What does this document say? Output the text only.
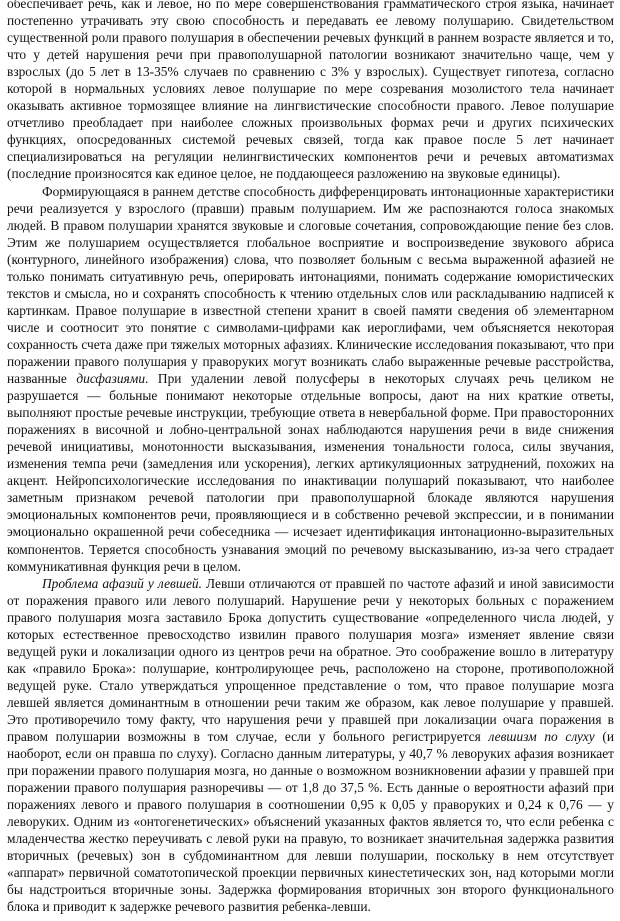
обеспечивает речь, как и левое, но по мере совершенствования грамматического строя языка, начинает постепенно утрачивать эту свою способность и передавать ее левому полушарию. Свидетельством существенной роли правого полушария в обеспечении речевых функций в раннем возрасте является и то, что у детей нарушения речи при правополушарной патологии возникают значительно чаще, чем у взрослых (до 5 лет в 13-35% случаев по сравнению с 3% у взрослых). Существует гипотеза, согласно которой в нормальных условиях левое полушарие по мере созревания мозолистого тела начинает оказывать активное тормозящее влияние на лингвистические способности правого. Левое полушарие отчетливо преобладает при наиболее сложных произвольных формах речи и других психических функциях, опосредованных системой речевых связей, тогда как правое после 5 лет начинает специализироваться на регуляции нелингвистических компонентов речи и речевых автоматизмах (последние произносятся как единое целое, не поддающееся разложению на звуковые единицы).

Формирующаяся в раннем детстве способность дифференцировать интонационные характеристики речи реализуется у взрослого (правши) правым полушарием. Им же распознаются голоса знакомых людей. В правом полушарии хранятся звуковые и слоговые сочетания, сопровождающие пение без слов. Этим же полушарием осуществляется глобальное восприятие и воспроизведение звукового абриса (контурного, линейного изображения) слова, что позволяет больным с весьма выраженной афазией не только понимать ситуативную речь, оперировать интонациями, понимать содержание юмористических текстов и смысла, но и сохранять способность к чтению отдельных слов или раскладыванию надписей к картинкам. Правое полушарие в известной степени хранит в своей памяти сведения об элементарном числе и соотносит это понятие с символами-цифрами как иероглифами, чем объясняется некоторая сохранность счета даже при тяжелых моторных афазиях. Клинические исследования показывают, что при поражении правого полушария у праворуких могут возникать слабо выраженные речевые расстройства, названные дисфазиями. При удалении левой полусферы в некоторых случаях речь целиком не разрушается — больные понимают некоторые отдельные вопросы, дают на них краткие ответы, выполняют простые речевые инструкции, требующие ответа в невербальной форме. При правосторонних поражениях в височной и лобно-центральной зонах наблюдаются нарушения речи в виде снижения речевой инициативы, монотонности высказывания, изменения тональности голоса, силы звучания, изменения темпа речи (замедления или ускорения), легких артикуляционных затруднений, похожих на акцент. Нейропсихологические исследования по инактивации полушарий показывают, что наиболее заметным признаком речевой патологии при правополушарной блокаде являются нарушения эмоциональных компонентов речи, проявляющиеся и в собственно речевой экспрессии, и в понимании эмоционально окрашенной речи собеседника — исчезает идентификация интонационно-выразительных компонентов. Теряется способность узнавания эмоций по речевому высказыванию, из-за чего страдает коммуникативная функция речи в целом.

Проблема афазий у левшей. Левши отличаются от правшей по частоте афазий и иной зависимости от поражения правого или левого полушарий. Нарушение речи у некоторых больных с поражением правого полушария мозга заставило Брока допустить существование «определенного числа людей, у которых естественное превосходство извилин правого полушария мозга» изменяет явление связи ведущей руки и локализации одного из центров речи на обратное. Это соображение вошло в литературу как «правило Брока»: полушарие, контролирующее речь, расположено на стороне, противоположной ведущей руке. Стало утверждаться упрощенное представление о том, что правое полушарие мозга левшей является доминантным в отношении речи таким же образом, как левое полушарие у правшей. Это противоречило тому факту, что нарушения речи у правшей при локализации очага поражения в правом полушарии возможны в том случае, если у больного регистрируется левшизм по слуху (и наоборот, если он правша по слуху). Согласно данным литературы, у 40,7 % леворуких афазия возникает при поражении правого полушария мозга, но данные о возможном возникновении афазии у правшей при поражении правого полушария разноречивы — от 1,8 до 37,5 %. Есть данные о вероятности афазий при поражениях левого и правого полушария в соотношении 0,95 к 0,05 у праворуких и 0,24 к 0,76 — у леворуких. Одним из «онтогенетических» объяснений указанных фактов является то, что если ребенка с младенчества жестко переучивать с левой руки на правую, то возникает значительная задержка развития вторичных (речевых) зон в субдоминантном для левши полушарии, поскольку в нем отсутствует «аппарат» первичной соматотопической проекции первичных кинестетических зон, над которыми могли бы надстроиться вторичные зоны. Задержка формирования вторичных зон второго функционального блока и приводит к задержке речевого развития ребенка-левши.
